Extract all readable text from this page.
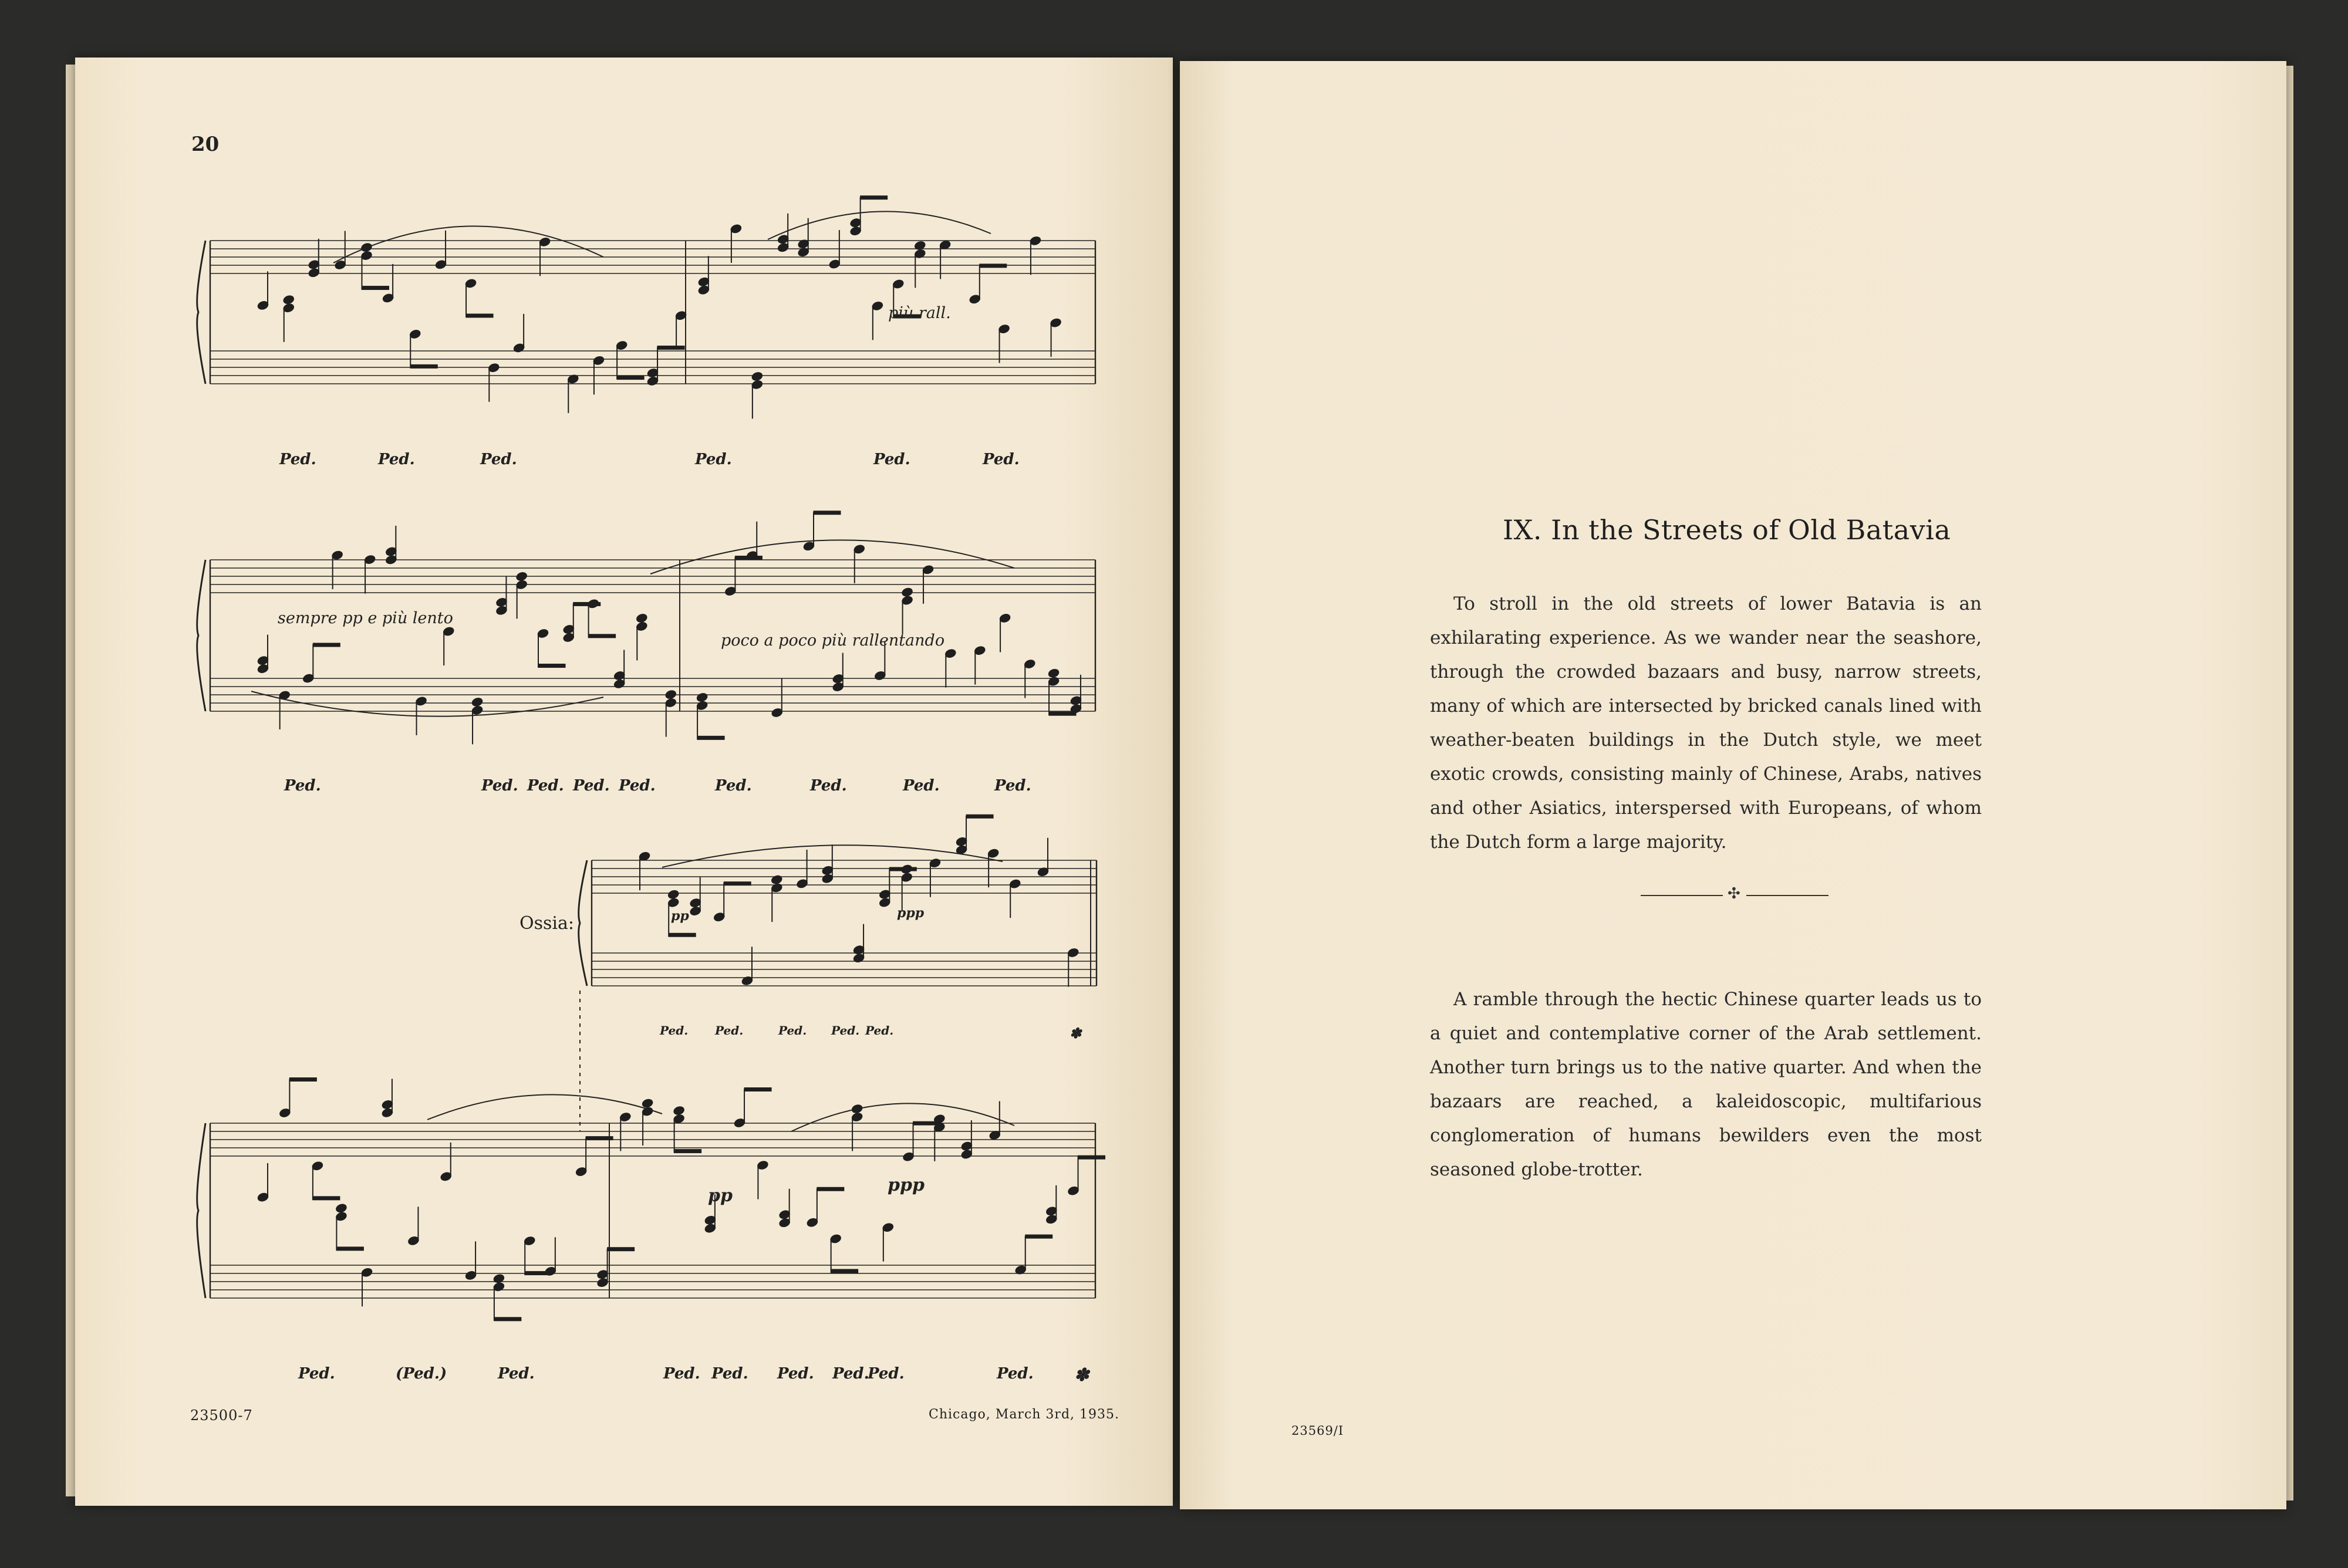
20
più rall.
sempre pp e più lento
poco a poco più rallentando
Ossia:	pp	ppp
pp
ppp
Ped.	Ped.	Ped.	Ped.	Ped.	Ped.
Ped.	Ped. Ped. Ped. Ped.	Ped.	Ped.	Ped.	Ped.
Ped. Ped.	Ped. Ped. Ped.	✽
Ped.	(Ped.)	Ped.	Ped. Ped. Ped. Ped.
Ped.	Ped. ✽
23500-7	Chicago, March 3rd, 1935.
IX. In the Streets of Old Batavia

To stroll in the old streets of lower Batavia is an exhilarating experience. As we wander near the seashore, through the crowded bazaars and busy, narrow streets, many of which are intersected by bricked canals lined with weather-beaten buildings in the Dutch style, we meet exotic crowds, consisting mainly of Chinese, Arabs, natives and other Asiatics, interspersed with Europeans, of whom the Dutch form a large majority.

✣

A ramble through the hectic Chinese quarter leads us to a quiet and contemplative corner of the Arab settlement. Another turn brings us to the native quarter. And when the bazaars are reached, a kaleidoscopic, multifarious conglomeration of humans bewilders even the most seasoned globe-trotter.

23569/I
